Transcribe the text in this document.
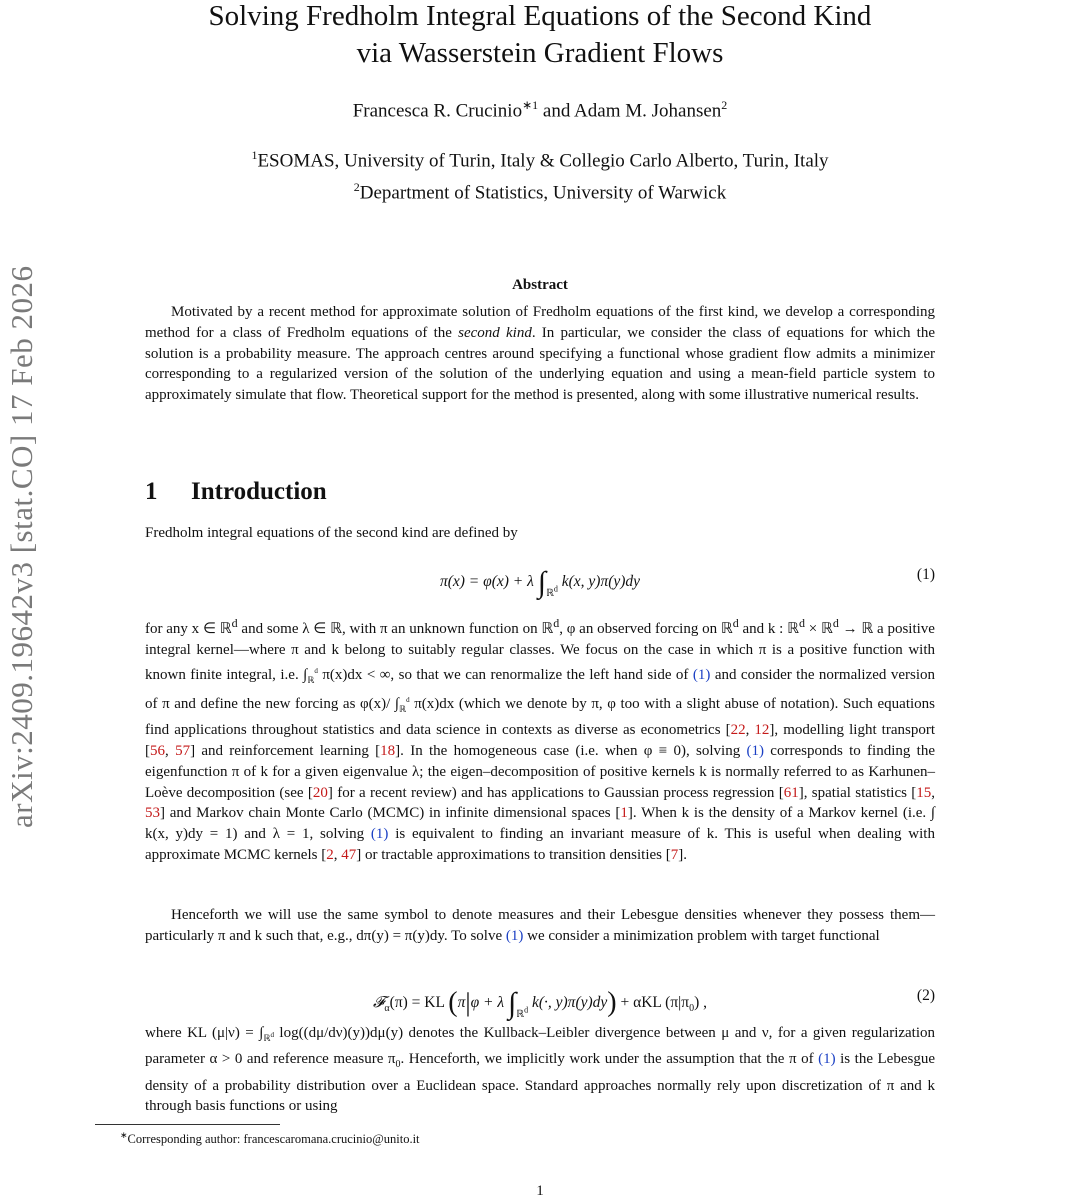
arXiv:2409.19642v3 [stat.CO] 17 Feb 2026
Solving Fredholm Integral Equations of the Second Kind
via Wasserstein Gradient Flows
Francesca R. Crucinio$^{∗1}$ and Adam M. Johansen$^2$
$^1$ESOMAS, University of Turin, Italy & Collegio Carlo Alberto, Turin, Italy
$^2$Department of Statistics, University of Warwick
Abstract
Motivated by a recent method for approximate solution of Fredholm equations of the first kind, we develop a corresponding method for a class of Fredholm equations of the second kind. In particular, we consider the class of equations for which the solution is a probability measure. The approach centres around specifying a functional whose gradient flow admits a minimizer corresponding to a regularized version of the solution of the underlying equation and using a mean-field particle system to approximately simulate that flow. Theoretical support for the method is presented, along with some illustrative numerical results.
1 Introduction
Fredholm integral equations of the second kind are defined by
π(x) = φ(x) + λ $\int_{ℝ^d}$ k(x, y)π(y)dy	(1)
for any x ∈ ℝ$^d$ and some λ ∈ ℝ, with π an unknown function on ℝ$^d$, φ an observed forcing on ℝ$^d$ and k : ℝ$^d$ × ℝ$^d$ → ℝ a positive integral kernel—where π and k belong to suitably regular classes. We focus on the case in which π is a positive function with known finite integral, i.e. $\int_ℝ^d$ π(x)dx < ∞, so that we can renormalize the left hand side of (1) and consider the normalized version of π and define the new forcing as φ(x)/ $\int_ℝ^d$ π(x)dx (which we denote by π, φ too with a slight abuse of notation). Such equations find applications throughout statistics and data science in contexts as diverse as econometrics [22, 12], modelling light transport [56, 57] and reinforcement learning [18]. In the homogeneous case (i.e. when φ ≡ 0), solving (1) corresponds to finding the eigenfunction π of k for a given eigenvalue λ; the eigen–decomposition of positive kernels k is normally referred to as Karhunen–Loève decomposition (see [20] for a recent review) and has applications to Gaussian process regression [61], spatial statistics [15, 53] and Markov chain Monte Carlo (MCMC) in infinite dimensional spaces [1]. When k is the density of a Markov kernel (i.e. ∫ k(x, y)dy = 1) and λ = 1, solving (1) is equivalent to finding an invariant measure of k. This is useful when dealing with approximate MCMC kernels [2, 47] or tractable approximations to transition densities [7].
Henceforth we will use the same symbol to denote measures and their Lebesgue densities whenever they possess them—particularly π and k such that, e.g., dπ(y) = π(y)dy. To solve (1) we consider a minimization problem with target functional
𝓕$_\alpha$(π) = KL (π|φ + λ $\int_{ℝ^d}$ k(·, y)π(y)dy) + αKL $(\pi|\pi_0)$ ,	(2)
where KL $(\mu|\nu) = \int_{ℝ^d}$ log((dμ/dν)(y))dμ(y) denotes the Kullback–Leibler divergence between μ and ν, for a given regularization parameter α > 0 and reference measure $\pi_0$. Henceforth, we implicitly work under the assumption that the π of (1) is the Lebesgue density of a probability distribution over a Euclidean space. Standard approaches normally rely upon discretization of π and k through basis functions or using
∗Corresponding author: francescaromana.crucinio@unito.it
1
